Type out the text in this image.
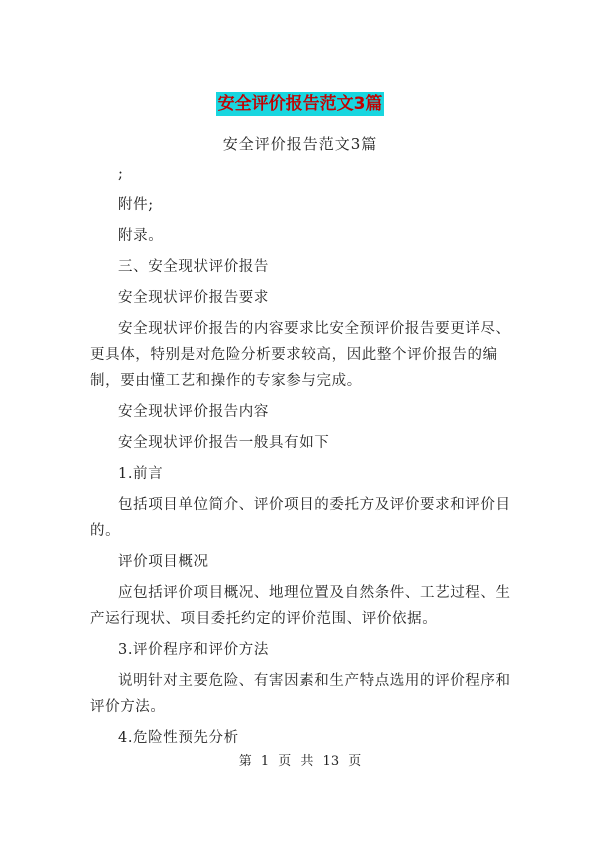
安全评价报告范文3篇
安全评价报告范文3篇

;

附件;

附录。

三、安全现状评价报告

安全现状评价报告要求

安全现状评价报告的内容要求比安全预评价报告要更详尽、更具体，特别是对危险分析要求较高，因此整个评价报告的编制，要由懂工艺和操作的专家参与完成。

安全现状评价报告内容

安全现状评价报告一般具有如下

1.前言

包括项目单位简介、评价项目的委托方及评价要求和评价目的。

评价项目概况

应包括评价项目概况、地理位置及自然条件、工艺过程、生产运行现状、项目委托约定的评价范围、评价依据。

3.评价程序和评价方法

说明针对主要危险、有害因素和生产特点选用的评价程序和评价方法。

4.危险性预先分析

第 1 页 共 13 页
